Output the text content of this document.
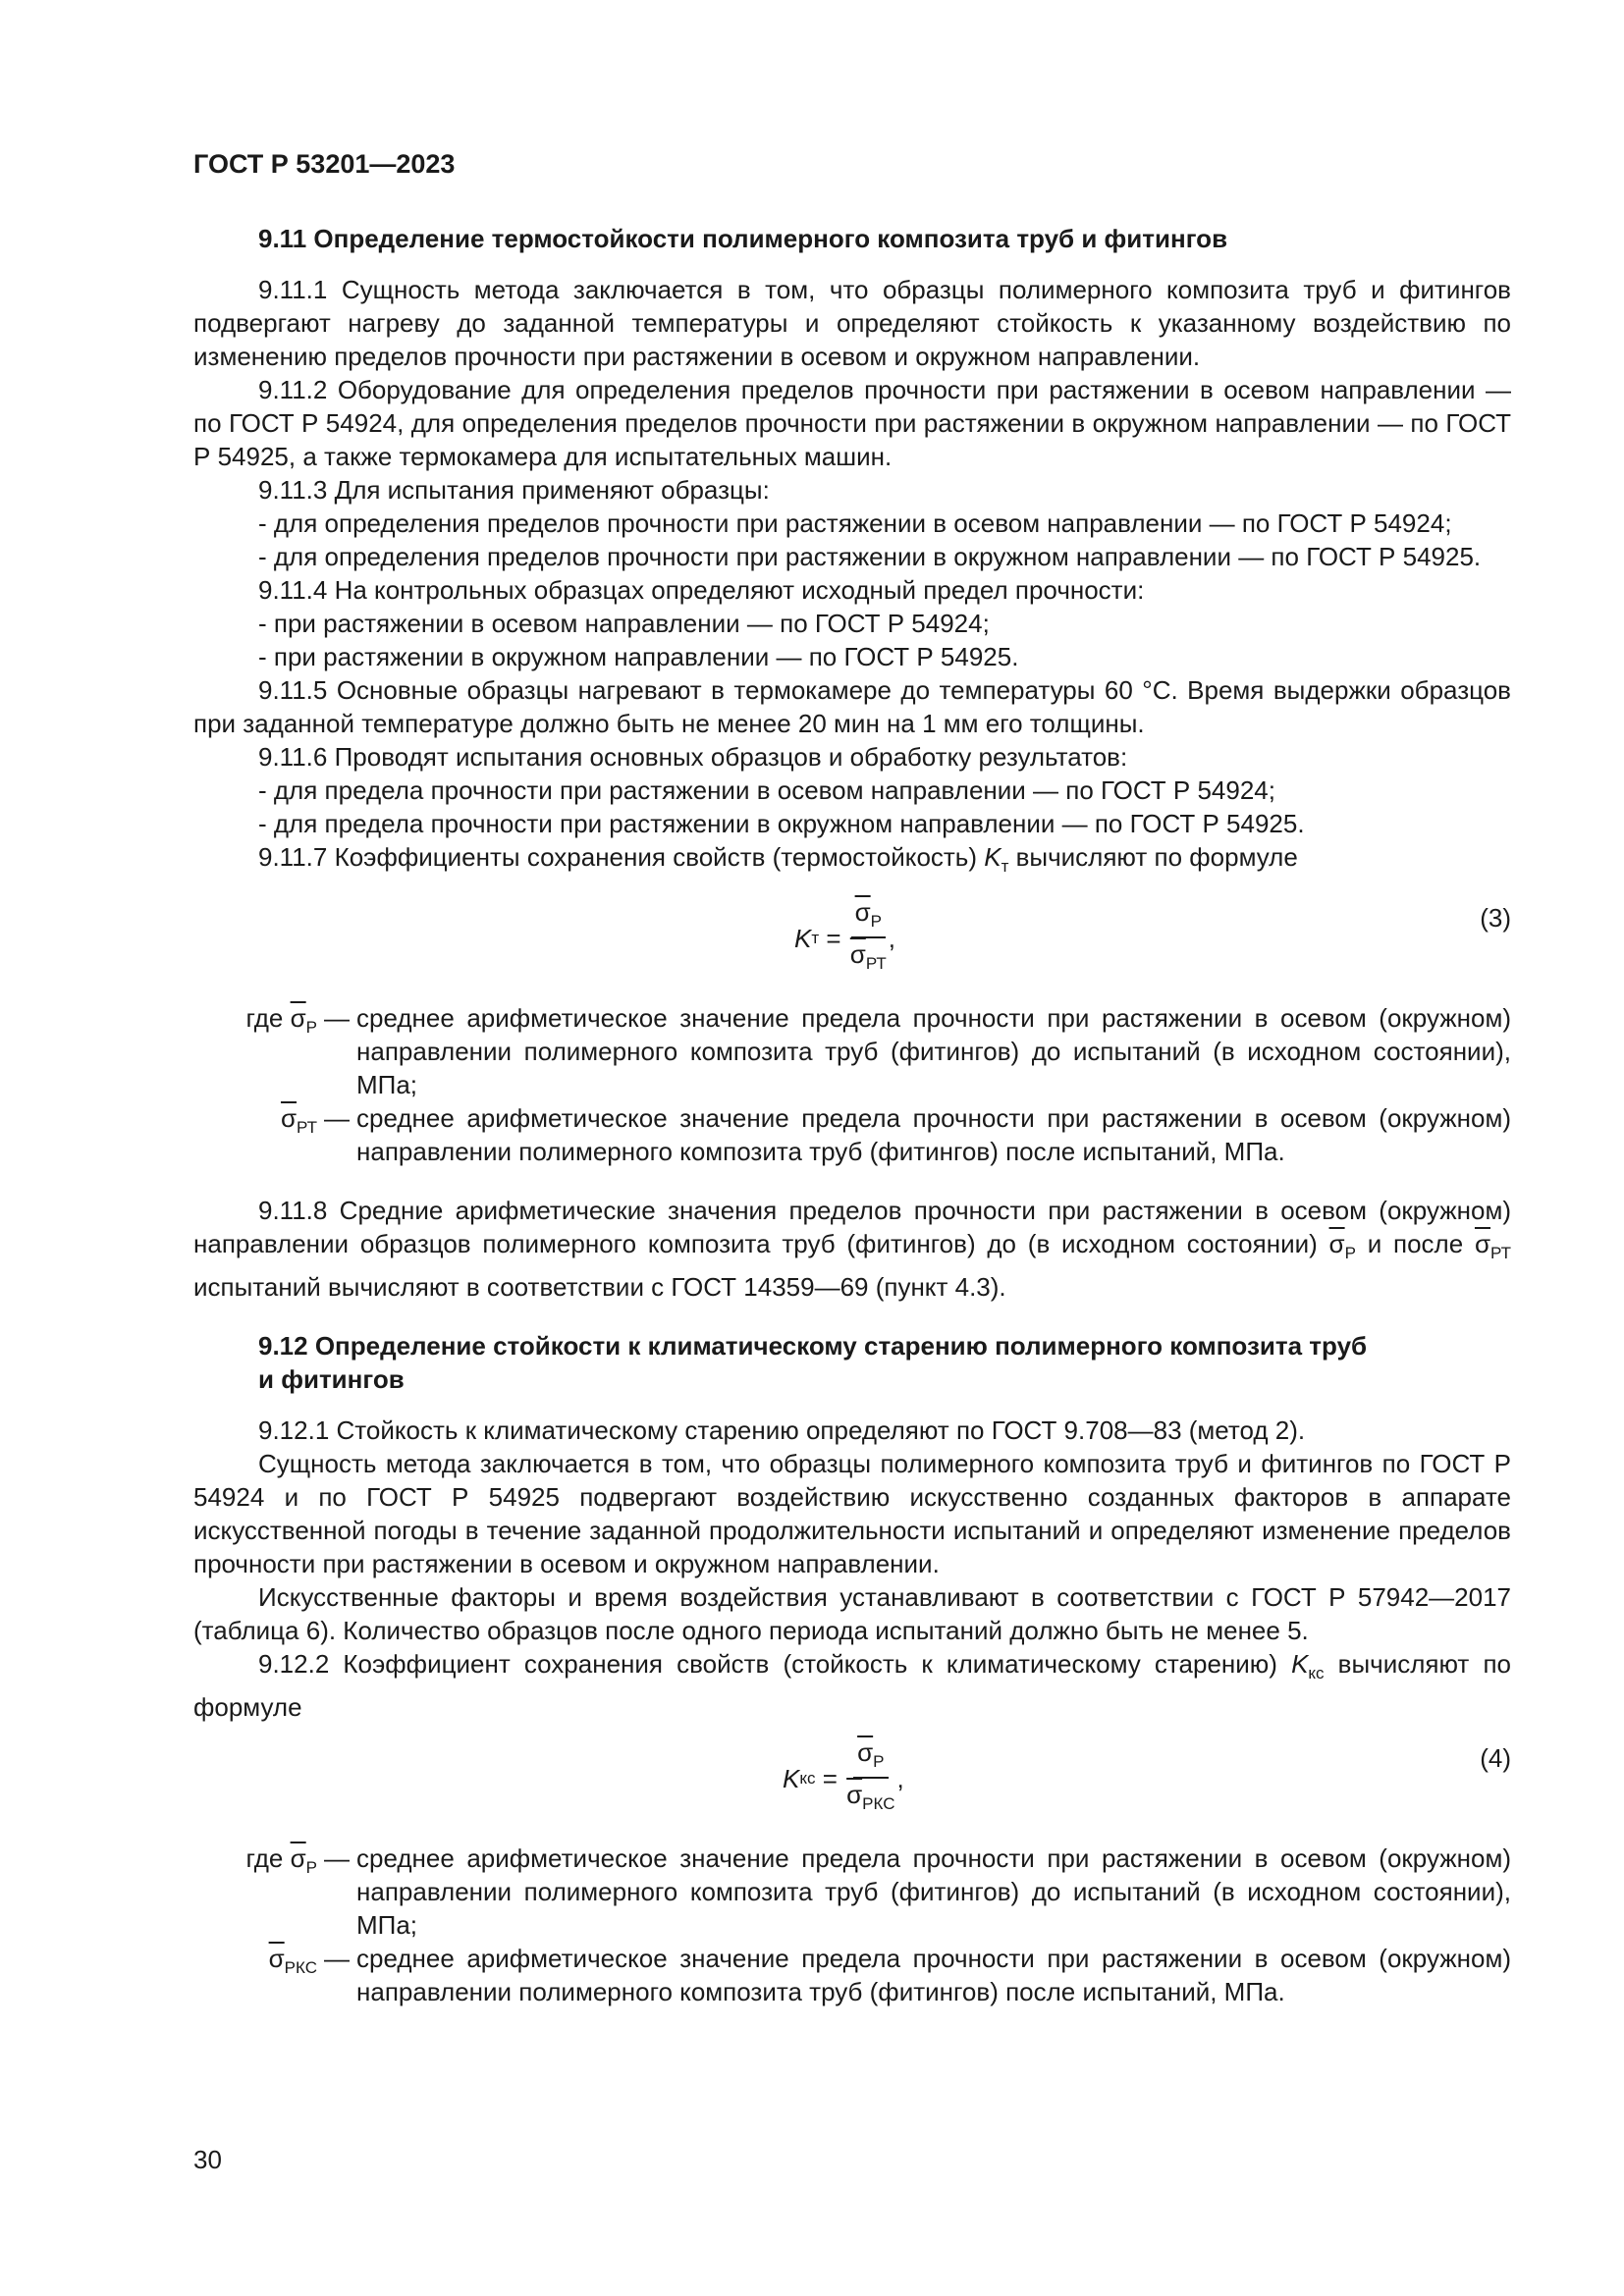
ГОСТ Р 53201—2023
9.11 Определение термостойкости полимерного композита труб и фитингов

9.11.1 Сущность метода заключается в том, что образцы полимерного композита труб и фитингов подвергают нагреву до заданной температуры и определяют стойкость к указанному воздействию по изменению пределов прочности при растяжении в осевом и окружном направлении.

9.11.2 Оборудование для определения пределов прочности при растяжении в осевом направлении — по ГОСТ Р 54924, для определения пределов прочности при растяжении в окружном направлении — по ГОСТ Р 54925, а также термокамера для испытательных машин.

9.11.3 Для испытания применяют образцы:

- для определения пределов прочности при растяжении в осевом направлении — по ГОСТ Р 54924;

- для определения пределов прочности при растяжении в окружном направлении — по ГОСТ Р 54925.

9.11.4 На контрольных образцах определяют исходный предел прочности:

- при растяжении в осевом направлении — по ГОСТ Р 54924;

- при растяжении в окружном направлении — по ГОСТ Р 54925.

9.11.5 Основные образцы нагревают в термокамере до температуры 60 °С. Время выдержки образцов при заданной температуре должно быть не менее 20 мин на 1 мм его толщины.

9.11.6 Проводят испытания основных образцов и обработку результатов:

- для предела прочности при растяжении в осевом направлении — по ГОСТ Р 54924;

- для предела прочности при растяжении в окружном направлении — по ГОСТ Р 54925.

9.11.7 Коэффициенты сохранения свойств (термостойкость) $K_т$ вычисляют по формуле

K $т = \frac{\overline{\sigma}_Р}{\overline{\sigma}_{РТ}}$ ,
(3)
где $\overline{\sigma}_Р$ — среднее арифметическое значение предела прочности при растяжении в осевом (окружном) направлении полимерного композита труб (фитингов) до испытаний (в исходном состоянии), МПа;
$\overline{\sigma}_{РТ}$ — среднее арифметическое значение предела прочности при растяжении в осевом (окружном) направлении полимерного композита труб (фитингов) после испытаний, МПа.

9.11.8 Средние арифметические значения пределов прочности при растяжении в осевом (окружном) направлении образцов полимерного композита труб (фитингов) до (в исходном состоянии) $\overline{\sigma}_Р$ и после $\overline{\sigma}_{РТ}$ испытаний вычисляют в соответствии с ГОСТ 14359—69 (пункт 4.3).

9.12 Определение стойкости к климатическому старению полимерного композита труб
и фитингов

9.12.1 Стойкость к климатическому старению определяют по ГОСТ 9.708—83 (метод 2).

Сущность метода заключается в том, что образцы полимерного композита труб и фитингов по ГОСТ Р 54924 и по ГОСТ Р 54925 подвергают воздействию искусственно созданных факторов в аппарате искусственной погоды в течение заданной продолжительности испытаний и определяют изменение пределов прочности при растяжении в осевом и окружном направлении.

Искусственные факторы и время воздействия устанавливают в соответствии с ГОСТ Р 57942—2017 (таблица 6). Количество образцов после одного периода испытаний должно быть не менее 5.

9.12.2 Коэффициент сохранения свойств (стойкость к климатическому старению) $K_{кс}$ вычисляют по формуле

K кс = $\frac{\overline{\sigma}_Р}{\overline{\sigma}_{РКС}}$ ,
(4)
где $\overline{\sigma}_Р$ — среднее арифметическое значение предела прочности при растяжении в осевом (окружном) направлении полимерного композита труб (фитингов) до испытаний (в исходном состоянии), МПа;
$\overline{\sigma}_{РКС}$ — среднее арифметическое значение предела прочности при растяжении в осевом (окружном) направлении полимерного композита труб (фитингов) после испытаний, МПа.
30
